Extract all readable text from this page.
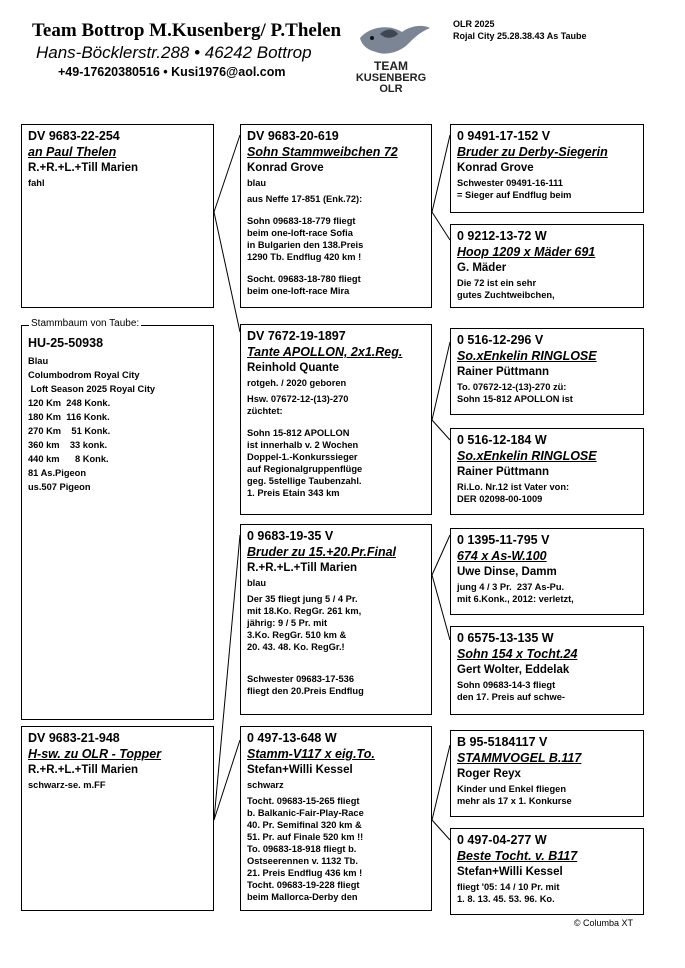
Team Bottrop M.Kusenberg/ P.Thelen
Hans-Böcklerstr.288 • 46242 Bottrop
+49-17620380516 • Kusi1976@aol.com
OLR 2025
Rojal City 25.28.38.43 As Taube
TEAM
KUSENBERG
OLR
HU-25-50938
Blau
Columbodrom Royal City
Loft Season 2025 Royal City
120 Km  248 Konk.
180 Km  116 Konk.
270 Km    51 Konk.
360 km    33 konk.
440 km      8 Konk.
81 As.Pigeon
us.507 Pigeon
Stammbaum von Taube:
DV 9683-22-254
an Paul Thelen
R.+R.+L.+Till Marien
fahl
DV 9683-21-948
H-sw. zu OLR - Topper
R.+R.+L.+Till Marien
schwarz-se. m.FF
DV 9683-20-619
Sohn Stammweibchen 72
Konrad Grove
blau
aus Neffe 17-851 (Enk.72):
Sohn 09683-18-779 fliegt
beim one-loft-race Sofia
in Bulgarien den 138.Preis
1290 Tb. Endflug 420 km !
Socht. 09683-18-780 fliegt
beim one-loft-race Mira
DV 7672-19-1897
Tante APOLLON, 2x1.Reg.
Reinhold Quante
rotgeh. / 2020 geboren
Hsw. 07672-12-(13)-270
züchtet:
Sohn 15-812 APOLLON
ist innerhalb v. 2 Wochen
Doppel-1.-Konkurssieger
auf Regionalgruppenflüge
geg. 5stellige Taubenzahl.
1. Preis Etain 343 km
0 9683-19-35 V
Bruder zu 15.+20.Pr.Final
R.+R.+L.+Till Marien
blau
Der 35 fliegt jung 5 / 4 Pr.
mit 18.Ko. RegGr. 261 km,
jährig: 9 / 5 Pr. mit
3.Ko. RegGr. 510 km &
20. 43. 48. Ko. RegGr.!
Schwester 09683-17-536
fliegt den 20.Preis Endflug
0 497-13-648 W
Stamm-V117 x eig.To.
Stefan+Willi Kessel
schwarz
Tocht. 09683-15-265 fliegt
b. Balkanic-Fair-Play-Race
40. Pr. Semifinal 320 km &
51. Pr. auf Finale 520 km !!
To. 09683-18-918 fliegt b.
Ostseerennen v. 1132 Tb.
21. Preis Endflug 436 km !
Tocht. 09683-19-228 fliegt
beim Mallorca-Derby den
0 9491-17-152 V
Bruder zu Derby-Siegerin
Konrad Grove
Schwester 09491-16-111
= Sieger auf Endflug beim
0 9212-13-72 W
Hoop 1209 x Mäder 691
G. Mäder
Die 72 ist ein sehr
gutes Zuchtweibchen,
0 516-12-296 V
So.xEnkelin RINGLOSE
Rainer Püttmann
To. 07672-12-(13)-270 zü:
Sohn 15-812 APOLLON ist
0 516-12-184 W
So.xEnkelin RINGLOSE
Rainer Püttmann
Ri.Lo. Nr.12 ist Vater von:
DER 02098-00-1009
0 1395-11-795 V
674 x As-W.100
Uwe Dinse, Damm
jung 4 / 3 Pr.  237 As-Pu.
mit 6.Konk., 2012: verletzt,
0 6575-13-135 W
Sohn 154 x Tocht.24
Gert Wolter, Eddelak
Sohn 09683-14-3 fliegt
den 17. Preis auf schwe-
B 95-5184117 V
STAMMVOGEL B.117
Roger Reyx
Kinder und Enkel fliegen
mehr als 17 x 1. Konkurse
0 497-04-277 W
Beste Tocht. v. B117
Stefan+Willi Kessel
fliegt '05: 14 / 10 Pr. mit
1. 8. 13. 45. 53. 96. Ko.
© Columba XT
